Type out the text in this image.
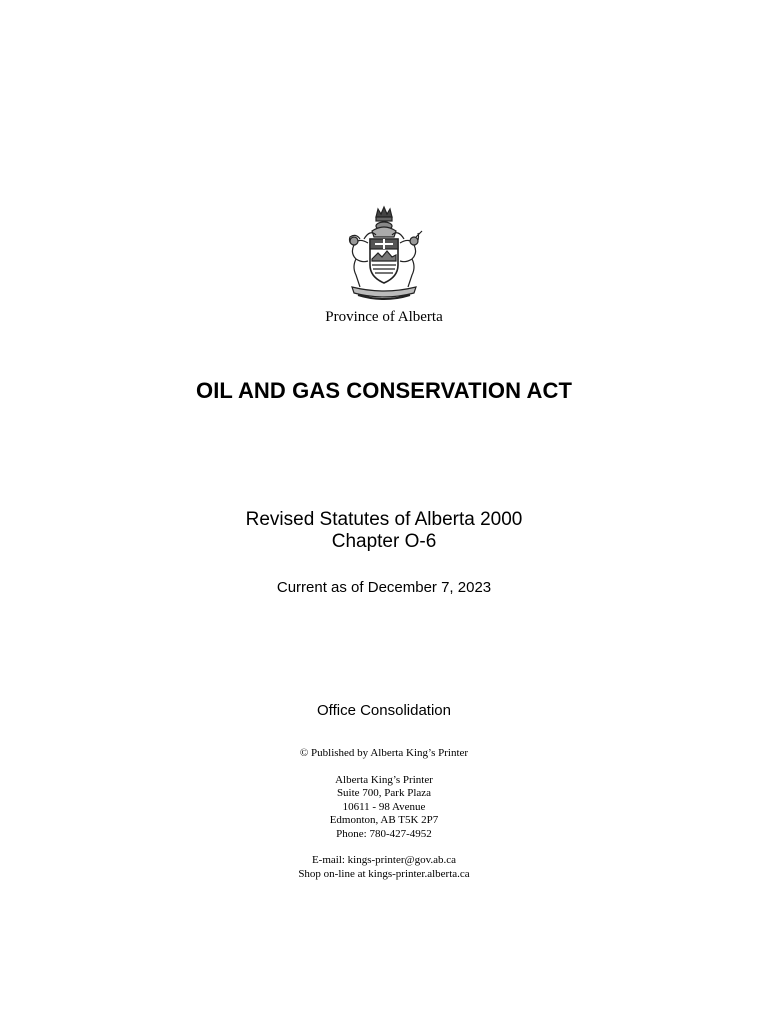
Province of Alberta
OIL AND GAS CONSERVATION ACT
Revised Statutes of Alberta 2000
Chapter O-6
Current as of December 7, 2023
Office Consolidation
© Published by Alberta King’s Printer
Alberta King’s Printer
Suite 700, Park Plaza
10611 - 98 Avenue
Edmonton, AB T5K 2P7
Phone: 780-427-4952
E-mail: kings-printer@gov.ab.ca
Shop on-line at kings-printer.alberta.ca
